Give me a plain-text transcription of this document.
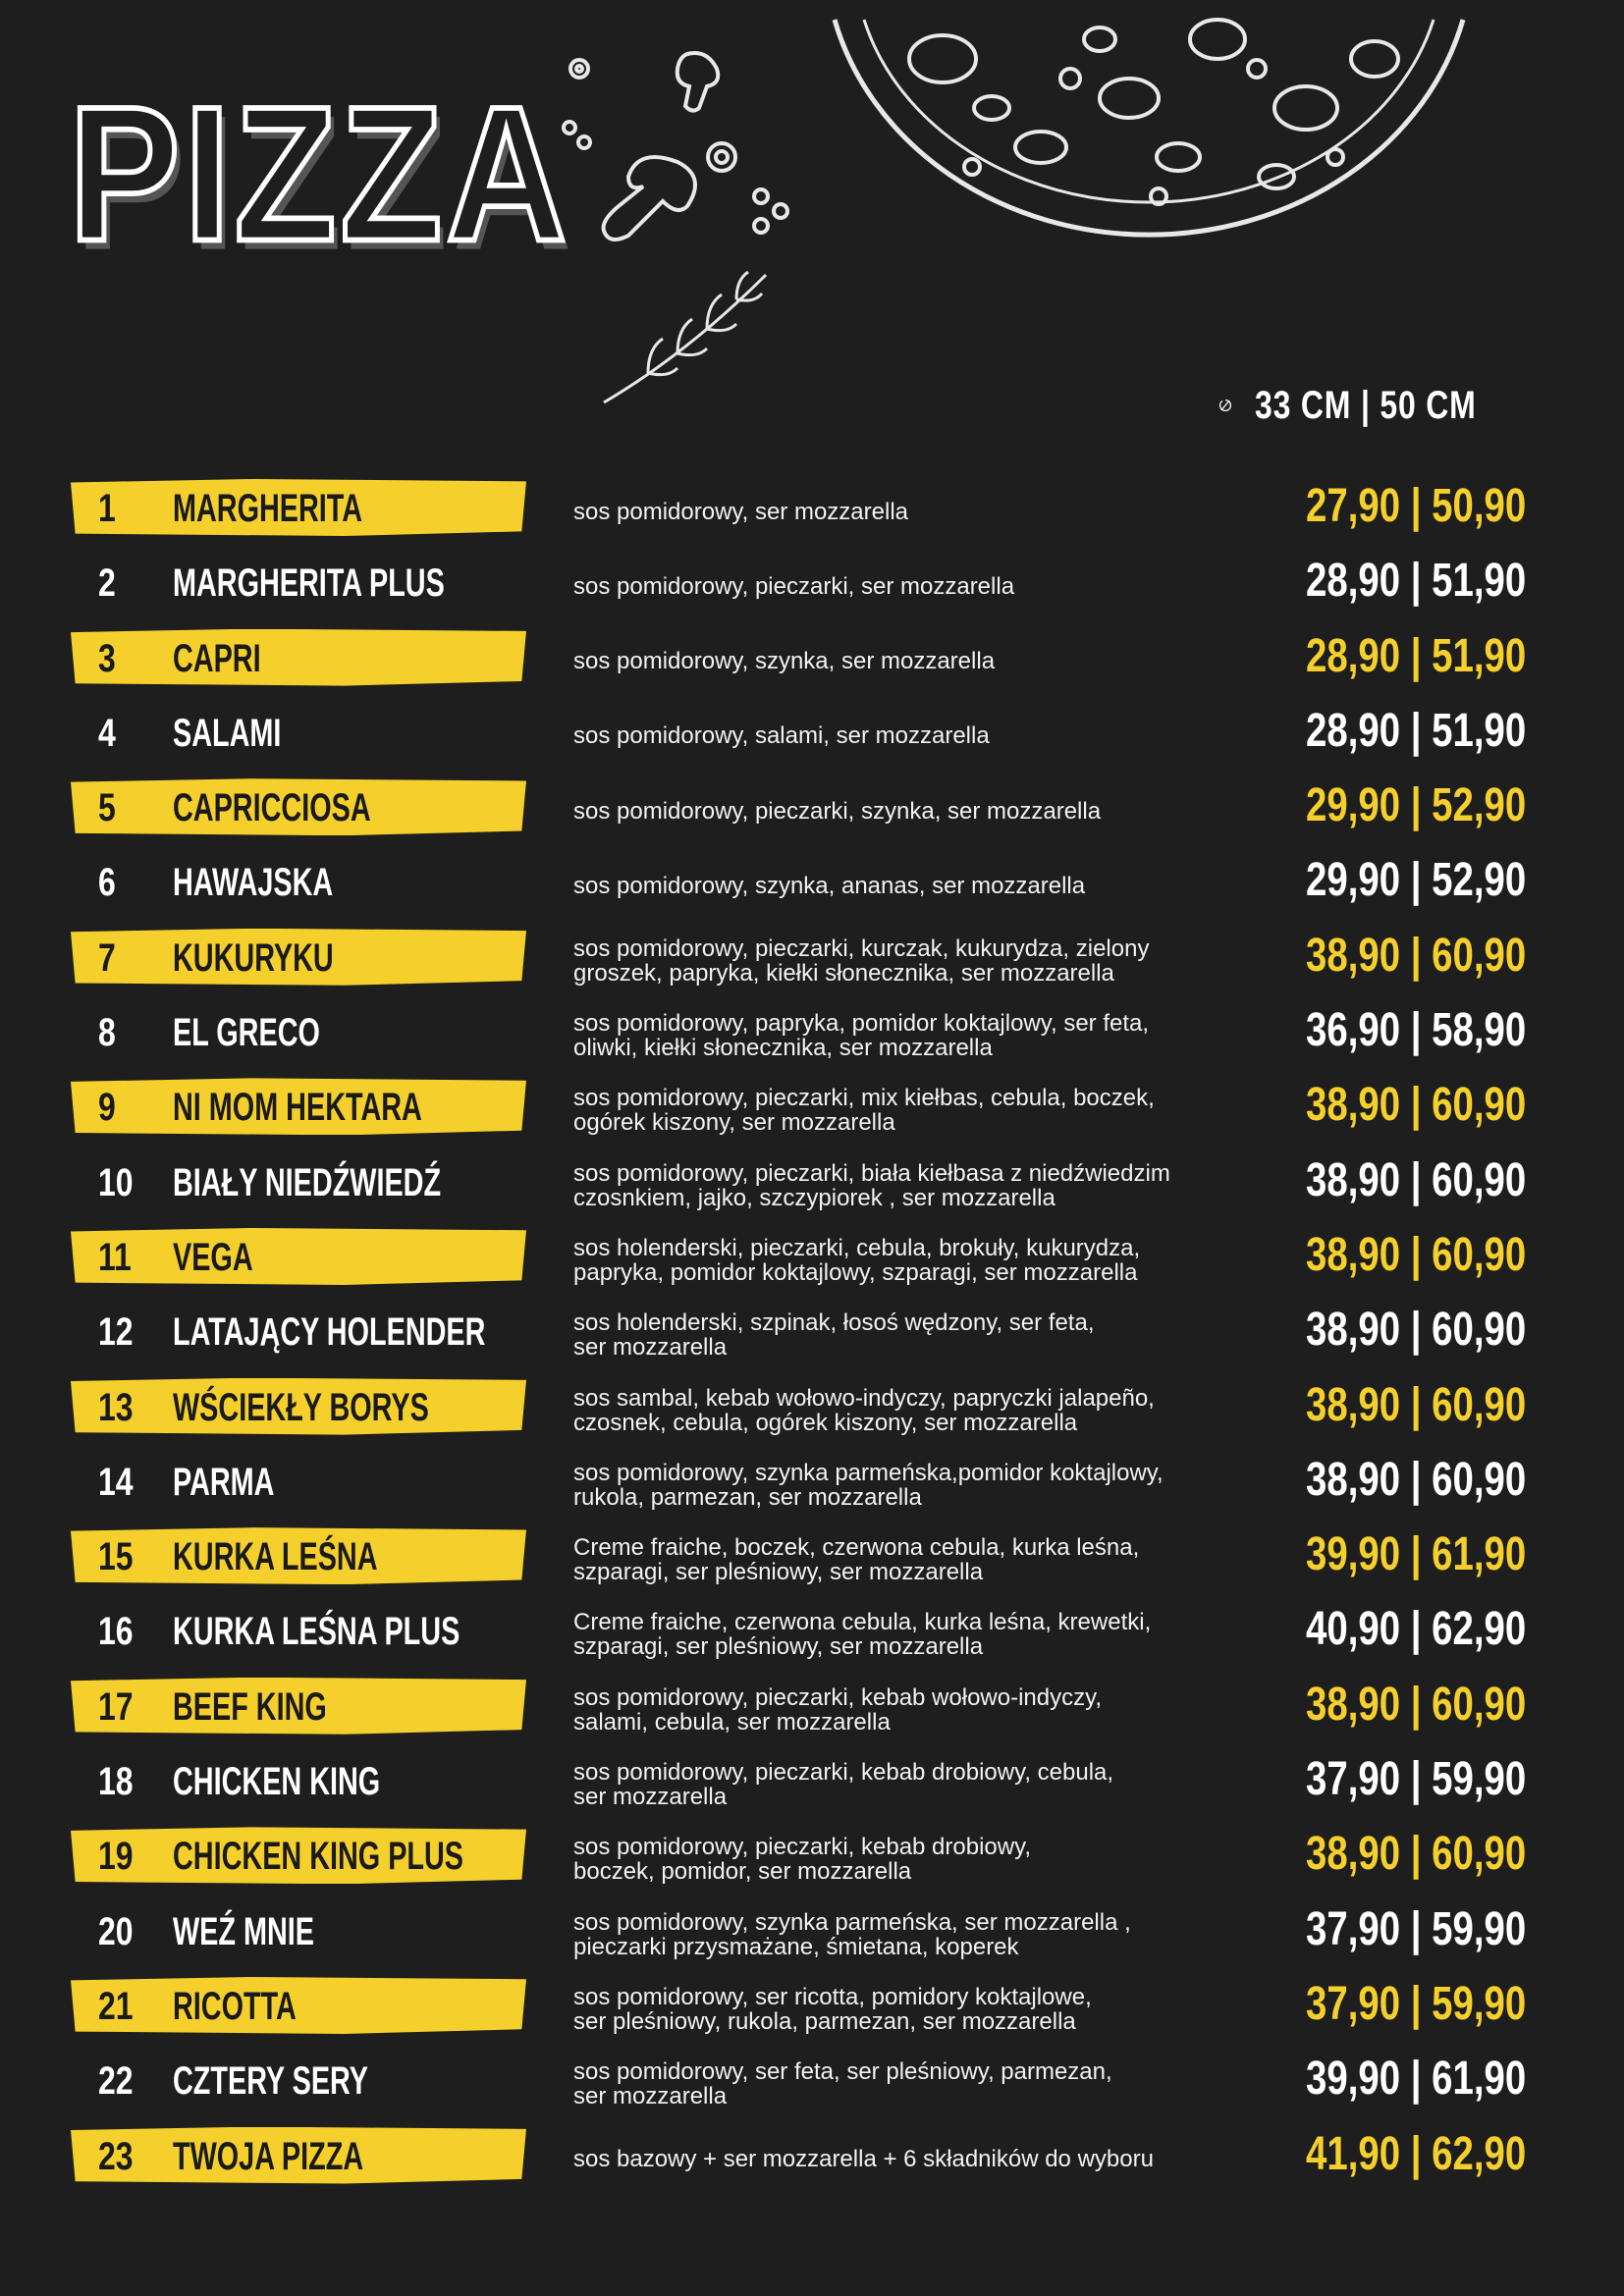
PIZZA
33 CM | 50 CM
1	MARGHERITA	sos pomidorowy, ser mozzarella	27,90 | 50,90
2	MARGHERITA PLUS	sos pomidorowy, pieczarki, ser mozzarella	28,90 | 51,90
3	CAPRI	sos pomidorowy, szynka, ser mozzarella	28,90 | 51,90
4	SALAMI	sos pomidorowy, salami, ser mozzarella	28,90 | 51,90
5	CAPRICCIOSA	sos pomidorowy, pieczarki, szynka, ser mozzarella	29,90 | 52,90
6	HAWAJSKA	sos pomidorowy, szynka, ananas, ser mozzarella	29,90 | 52,90
7	KUKURYKU	sos pomidorowy, pieczarki, kurczak, kukurydza, zielony
groszek, papryka, kiełki słonecznika, ser mozzarella	38,90 | 60,90
8	EL GRECO	sos pomidorowy, papryka, pomidor koktajlowy, ser feta,
oliwki, kiełki słonecznika, ser mozzarella	36,90 | 58,90
9	NI MOM HEKTARA	sos pomidorowy, pieczarki, mix kiełbas, cebula, boczek,
ogórek kiszony, ser mozzarella	38,90 | 60,90
10	BIAŁY NIEDŹWIEDŹ	sos pomidorowy, pieczarki, biała kiełbasa z niedźwiedzim
czosnkiem, jajko, szczypiorek , ser mozzarella	38,90 | 60,90
11	VEGA	sos holenderski, pieczarki, cebula, brokuły, kukurydza,
papryka, pomidor koktajlowy, szparagi, ser mozzarella	38,90 | 60,90
12	LATAJĄCY HOLENDER	sos holenderski, szpinak, łosoś wędzony, ser feta,
ser mozzarella	38,90 | 60,90
13	WŚCIEKŁY BORYS	sos sambal, kebab wołowo-indyczy, papryczki jalapeño,
czosnek, cebula, ogórek kiszony, ser mozzarella	38,90 | 60,90
14	PARMA	sos pomidorowy, szynka parmeńska,pomidor koktajlowy,
rukola, parmezan, ser mozzarella	38,90 | 60,90
15	KURKA LEŚNA	Creme fraiche, boczek, czerwona cebula, kurka leśna,
szparagi, ser pleśniowy, ser mozzarella	39,90 | 61,90
16	KURKA LEŚNA PLUS	Creme fraiche, czerwona cebula, kurka leśna, krewetki,
szparagi, ser pleśniowy, ser mozzarella	40,90 | 62,90
17	BEEF KING	sos pomidorowy, pieczarki, kebab wołowo-indyczy,
salami, cebula, ser mozzarella	38,90 | 60,90
18	CHICKEN KING	sos pomidorowy, pieczarki, kebab drobiowy, cebula,
ser mozzarella	37,90 | 59,90
19	CHICKEN KING PLUS	sos pomidorowy, pieczarki, kebab drobiowy,
boczek, pomidor, ser mozzarella	38,90 | 60,90
20	WEŹ MNIE	sos pomidorowy, szynka parmeńska, ser mozzarella ,
pieczarki przysmażane, śmietana, koperek	37,90 | 59,90
21	RICOTTA	sos pomidorowy, ser ricotta, pomidory koktajlowe,
ser pleśniowy, rukola, parmezan, ser mozzarella	37,90 | 59,90
22	CZTERY SERY	sos pomidorowy, ser feta, ser pleśniowy, parmezan,
ser mozzarella	39,90 | 61,90
23	TWOJA PIZZA	sos bazowy + ser mozzarella + 6 składników do wyboru	41,90 | 62,90
